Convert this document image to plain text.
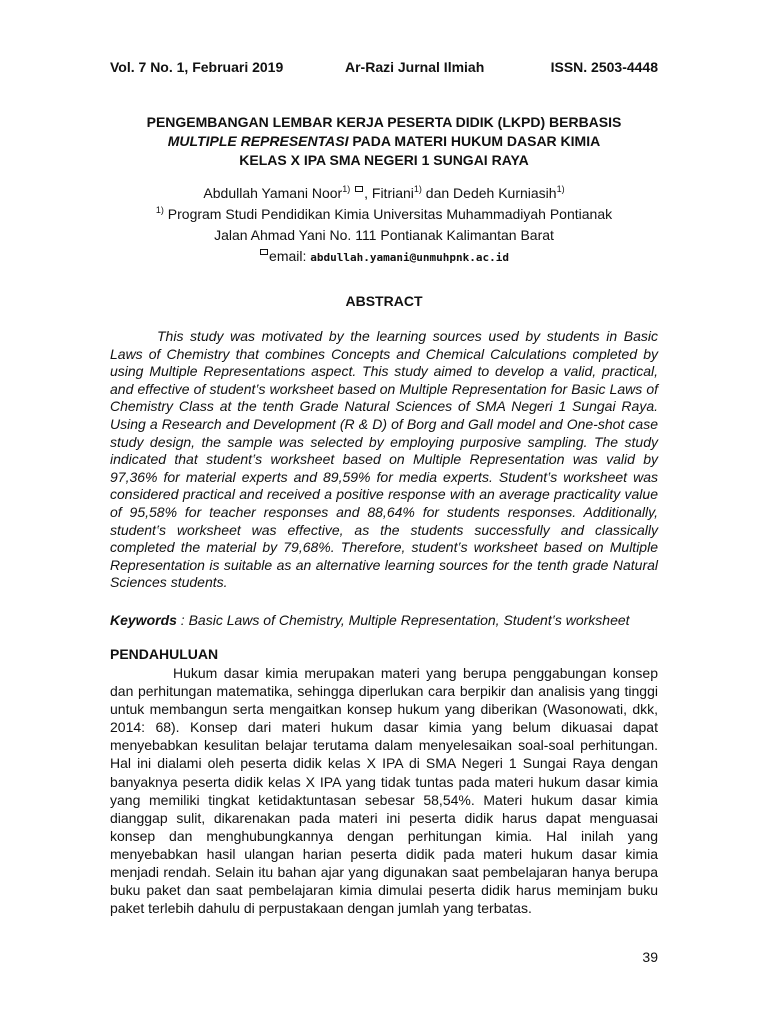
Vol. 7 No. 1, Februari 2019	Ar-Razi Jurnal Ilmiah	ISSN. 2503-4448
PENGEMBANGAN LEMBAR KERJA PESERTA DIDIK (LKPD) BERBASIS
MULTIPLE REPRESENTASI PADA MATERI HUKUM DASAR KIMIA
KELAS X IPA SMA NEGERI 1 SUNGAI RAYA
Abdullah Yamani Noor$^{1)}$ , Fitriani$^{1)}$ dan Dedeh Kurniasih$^{1)}$
$^{1)}$ Program Studi Pendidikan Kimia Universitas Muhammadiyah Pontianak
Jalan Ahmad Yani No. 111 Pontianak Kalimantan Barat
email: abdullah.yamani@unmuhpnk.ac.id
ABSTRACT
This study was motivated by the learning sources used by students in Basic Laws of Chemistry that combines Concepts and Chemical Calculations completed by using Multiple Representations aspect. This study aimed to develop a valid, practical, and effective of student‛s worksheet based on Multiple Representation for Basic Laws of Chemistry Class at the tenth Grade Natural Sciences of SMA Negeri 1 Sungai Raya. Using a Research and Development (R & D) of Borg and Gall model and One-shot case study design, the sample was selected by employing purposive sampling. The study indicated that student‛s worksheet based on Multiple Representation was valid by 97,36% for material experts and 89,59% for media experts. Student‛s worksheet was considered practical and received a positive response with an average practicality value of 95,58% for teacher responses and 88,64% for students responses. Additionally, student‛s worksheet was effective, as the students successfully and classically completed the material by 79,68%. Therefore, student‛s worksheet based on Multiple Representation is suitable as an alternative learning sources for the tenth grade Natural Sciences students.
Keywords : Basic Laws of Chemistry, Multiple Representation, Student‛s worksheet
PENDAHULUAN
Hukum dasar kimia merupakan materi yang berupa penggabungan konsep dan perhitungan matematika, sehingga diperlukan cara berpikir dan analisis yang tinggi untuk membangun serta mengaitkan konsep hukum yang diberikan (Wasonowati, dkk, 2014: 68). Konsep dari materi hukum dasar kimia yang belum dikuasai dapat menyebabkan kesulitan belajar terutama dalam menyelesaikan soal-soal perhitungan. Hal ini dialami oleh peserta didik kelas X IPA di SMA Negeri 1 Sungai Raya dengan banyaknya peserta didik kelas X IPA yang tidak tuntas pada materi hukum dasar kimia yang memiliki tingkat ketidaktuntasan sebesar 58,54%. Materi hukum dasar kimia dianggap sulit, dikarenakan pada materi ini peserta didik harus dapat menguasai konsep dan menghubungkannya dengan perhitungan kimia. Hal inilah yang menyebabkan hasil ulangan harian peserta didik pada materi hukum dasar kimia menjadi rendah. Selain itu bahan ajar yang digunakan saat pembelajaran hanya berupa buku paket dan saat pembelajaran kimia dimulai peserta didik harus meminjam buku paket terlebih dahulu di perpustakaan dengan jumlah yang terbatas.
39
